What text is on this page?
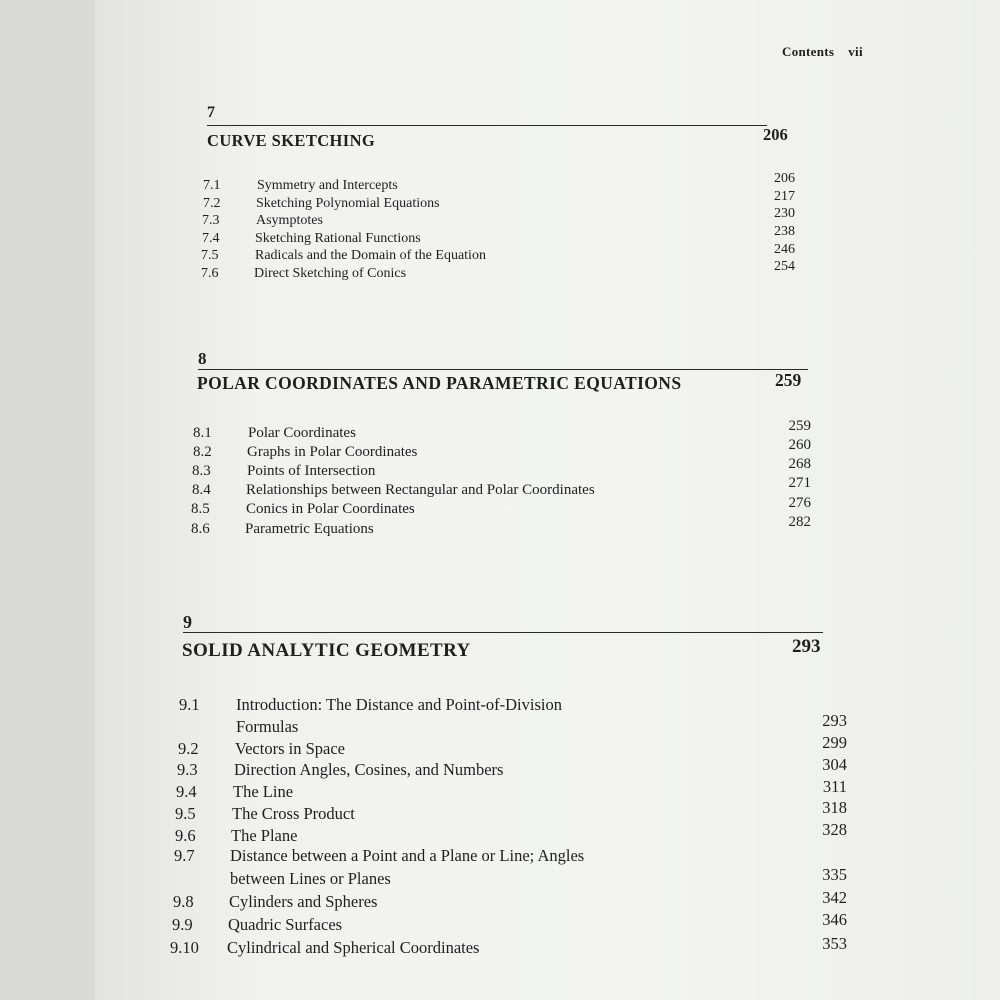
Contents vii
7
CURVE SKETCHING	206
7.1	Symmetry and Intercepts	206
7.2	Sketching Polynomial Equations	217
7.3	Asymptotes	230
7.4	Sketching Rational Functions	238
7.5	Radicals and the Domain of the Equation	246
7.6	Direct Sketching of Conics	254
8
POLAR COORDINATES AND PARAMETRIC EQUATIONS	259
8.1 Polar Coordinates	259
8.2 Graphs in Polar Coordinates	260
8.3 Points of Intersection	268
8.4 Relationships between Rectangular and Polar Coordinates	271
8.5 Conics in Polar Coordinates	276
8.6 Parametric Equations	282
9
SOLID ANALYTIC GEOMETRY	293
9.1 Introduction: The Distance and Point-of-Division
Formulas	293
9.2 Vectors in Space	299
9.3 Direction Angles, Cosines, and Numbers	304
9.4 The Line	311
9.5 The Cross Product	318
9.6 The Plane	328
9.7 Distance between a Point and a Plane or Line; Angles
between Lines or Planes	335
9.8 Cylinders and Spheres	342
9.9 Quadric Surfaces	346
9.10 Cylindrical and Spherical Coordinates	353
